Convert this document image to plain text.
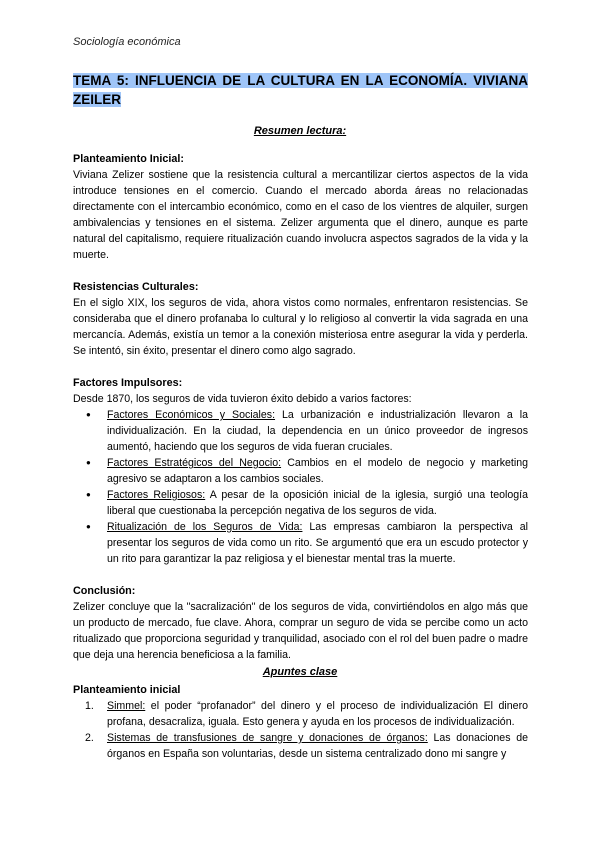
Sociología económica
TEMA 5: INFLUENCIA DE LA CULTURA EN LA ECONOMÍA. VIVIANA ZEILER
Resumen lectura:
Planteamiento Inicial:

Viviana Zelizer sostiene que la resistencia cultural a mercantilizar ciertos aspectos de la vida introduce tensiones en el comercio. Cuando el mercado aborda áreas no relacionadas directamente con el intercambio económico, como en el caso de los vientres de alquiler, surgen ambivalencias y tensiones en el sistema. Zelizer argumenta que el dinero, aunque es parte natural del capitalismo, requiere ritualización cuando involucra aspectos sagrados de la vida y la muerte.

Resistencias Culturales:

En el siglo XIX, los seguros de vida, ahora vistos como normales, enfrentaron resistencias. Se consideraba que el dinero profanaba lo cultural y lo religioso al convertir la vida sagrada en una mercancía. Además, existía un temor a la conexión misteriosa entre asegurar la vida y perderla. Se intentó, sin éxito, presentar el dinero como algo sagrado.

Factores Impulsores:
Desde 1870, los seguros de vida tuvieron éxito debido a varios factores:
● Factores Económicos y Sociales: La urbanización e industrialización llevaron a la individualización. En la ciudad, la dependencia en un único proveedor de ingresos aumentó, haciendo que los seguros de vida fueran cruciales.
● Factores Estratégicos del Negocio: Cambios en el modelo de negocio y marketing agresivo se adaptaron a los cambios sociales.
● Factores Religiosos: A pesar de la oposición inicial de la iglesia, surgió una teología liberal que cuestionaba la percepción negativa de los seguros de vida.
● Ritualización de los Seguros de Vida: Las empresas cambiaron la perspectiva al presentar los seguros de vida como un rito. Se argumentó que era un escudo protector y un rito para garantizar la paz religiosa y el bienestar mental tras la muerte.
Conclusión:

Zelizer concluye que la "sacralización" de los seguros de vida, convirtiéndolos en algo más que un producto de mercado, fue clave. Ahora, comprar un seguro de vida se percibe como un acto ritualizado que proporciona seguridad y tranquilidad, asociado con el rol del buen padre o madre que deja una herencia beneficiosa a la familia.

Apuntes clase
Planteamiento inicial
1. Simmel: el poder “profanador” del dinero y el proceso de individualización El dinero profana, desacraliza, iguala. Esto genera y ayuda en los procesos de individualización.
2. Sistemas de transfusiones de sangre y donaciones de órganos: Las donaciones de órganos en España son voluntarias, desde un sistema centralizado dono mi sangre y
